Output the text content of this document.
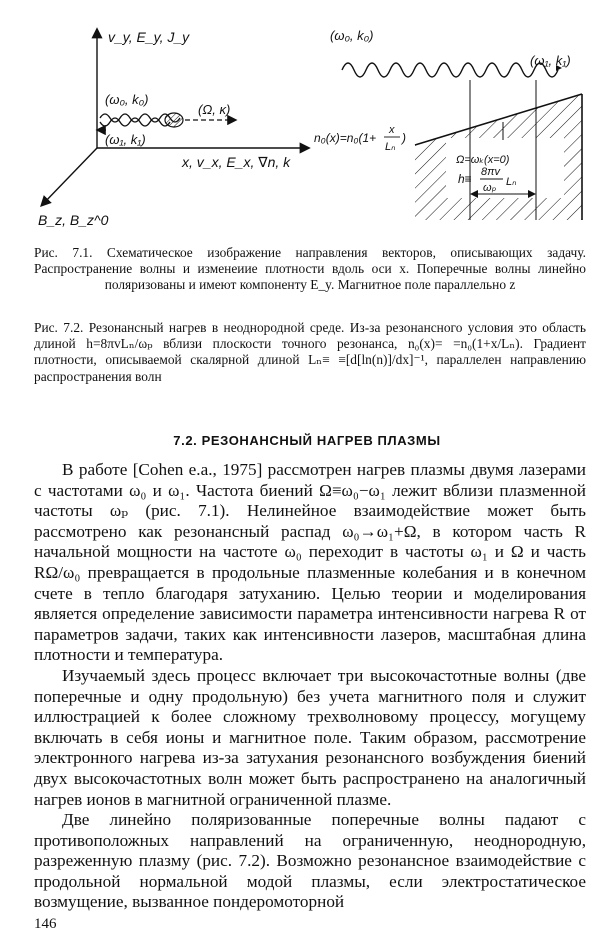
v_y, E_y, J_y
(ω₀, k₀)
(ω₁, k₁)
(Ω, κ)
x, v_x, E_x, ∇n, k
B_z, B_z^0
(ω₀, k₀)
(ω₁, k₁)
n₀(x)=n₀(1+
x
Lₙ
)
Ω=ωₖ(x=0)
h≡ 8πv
ωₚ Lₙ
Рис. 7.1. Схематическое изображение направления векторов, описывающих задачу. Распространение волны и изменеиие плотности вдоль оси x. Поперечные волны линейно поляризованы и имеют компоненту E_y. Магнитное поле параллельно z
Рис. 7.2. Резонансный нагрев в неоднородной среде. Из-за резонансного условия это область длиной h=8πvLₙ/ωₚ вблизи плоскости точного резонанса, n₀(x)= =n₀(1+x/Lₙ). Градиент плотности, описываемой скалярной длиной Lₙ≡ ≡[d[ln(n)]/dx]⁻¹, параллелен направлению распространения волн
7.2. РЕЗОНАНСНЫЙ НАГРЕВ ПЛАЗМЫ

В работе [Cohen e.a., 1975] рассмотрен нагрев плазмы двумя лазерами с частотами ω₀ и ω₁. Частота биений Ω≡ω₀−ω₁ лежит вблизи плазменной частоты ωₚ (рис. 7.1). Нелинейное взаимодействие может быть рассмотрено как резонансный распад ω₀→ω₁+Ω, в котором часть R начальной мощности на частоте ω₀ переходит в частоты ω₁ и Ω и часть RΩ/ω₀ превращается в продольные плазменные колебания и в конечном счете в тепло благодаря затуханию. Целью теории и моделирования является определение зависимости параметра интенсивности нагрева R от параметров задачи, таких как интенсивности лазеров, масштабная длина плотности и температура.

Изучаемый здесь процесс включает три высокочастотные волны (две поперечные и одну продольную) без учета магнитного поля и служит иллюстрацией к более сложному трехволновому процессу, могущему включать в себя ионы и магнитное поле. Таким образом, рассмотрение электронного нагрева из-за затухания резонансного возбуждения биений двух высокочастотных волн может быть распространено на аналогичный нагрев ионов в магнитной ограниченной плазме.

Две линейно поляризованные поперечные волны падают с противоположных направлений на ограниченную, неоднородную, разреженную плазму (рис. 7.2). Возможно резонансное взаимодействие с продольной нормальной модой плазмы, если электростатическое возмущение, вызванное пондеромоторной

146
